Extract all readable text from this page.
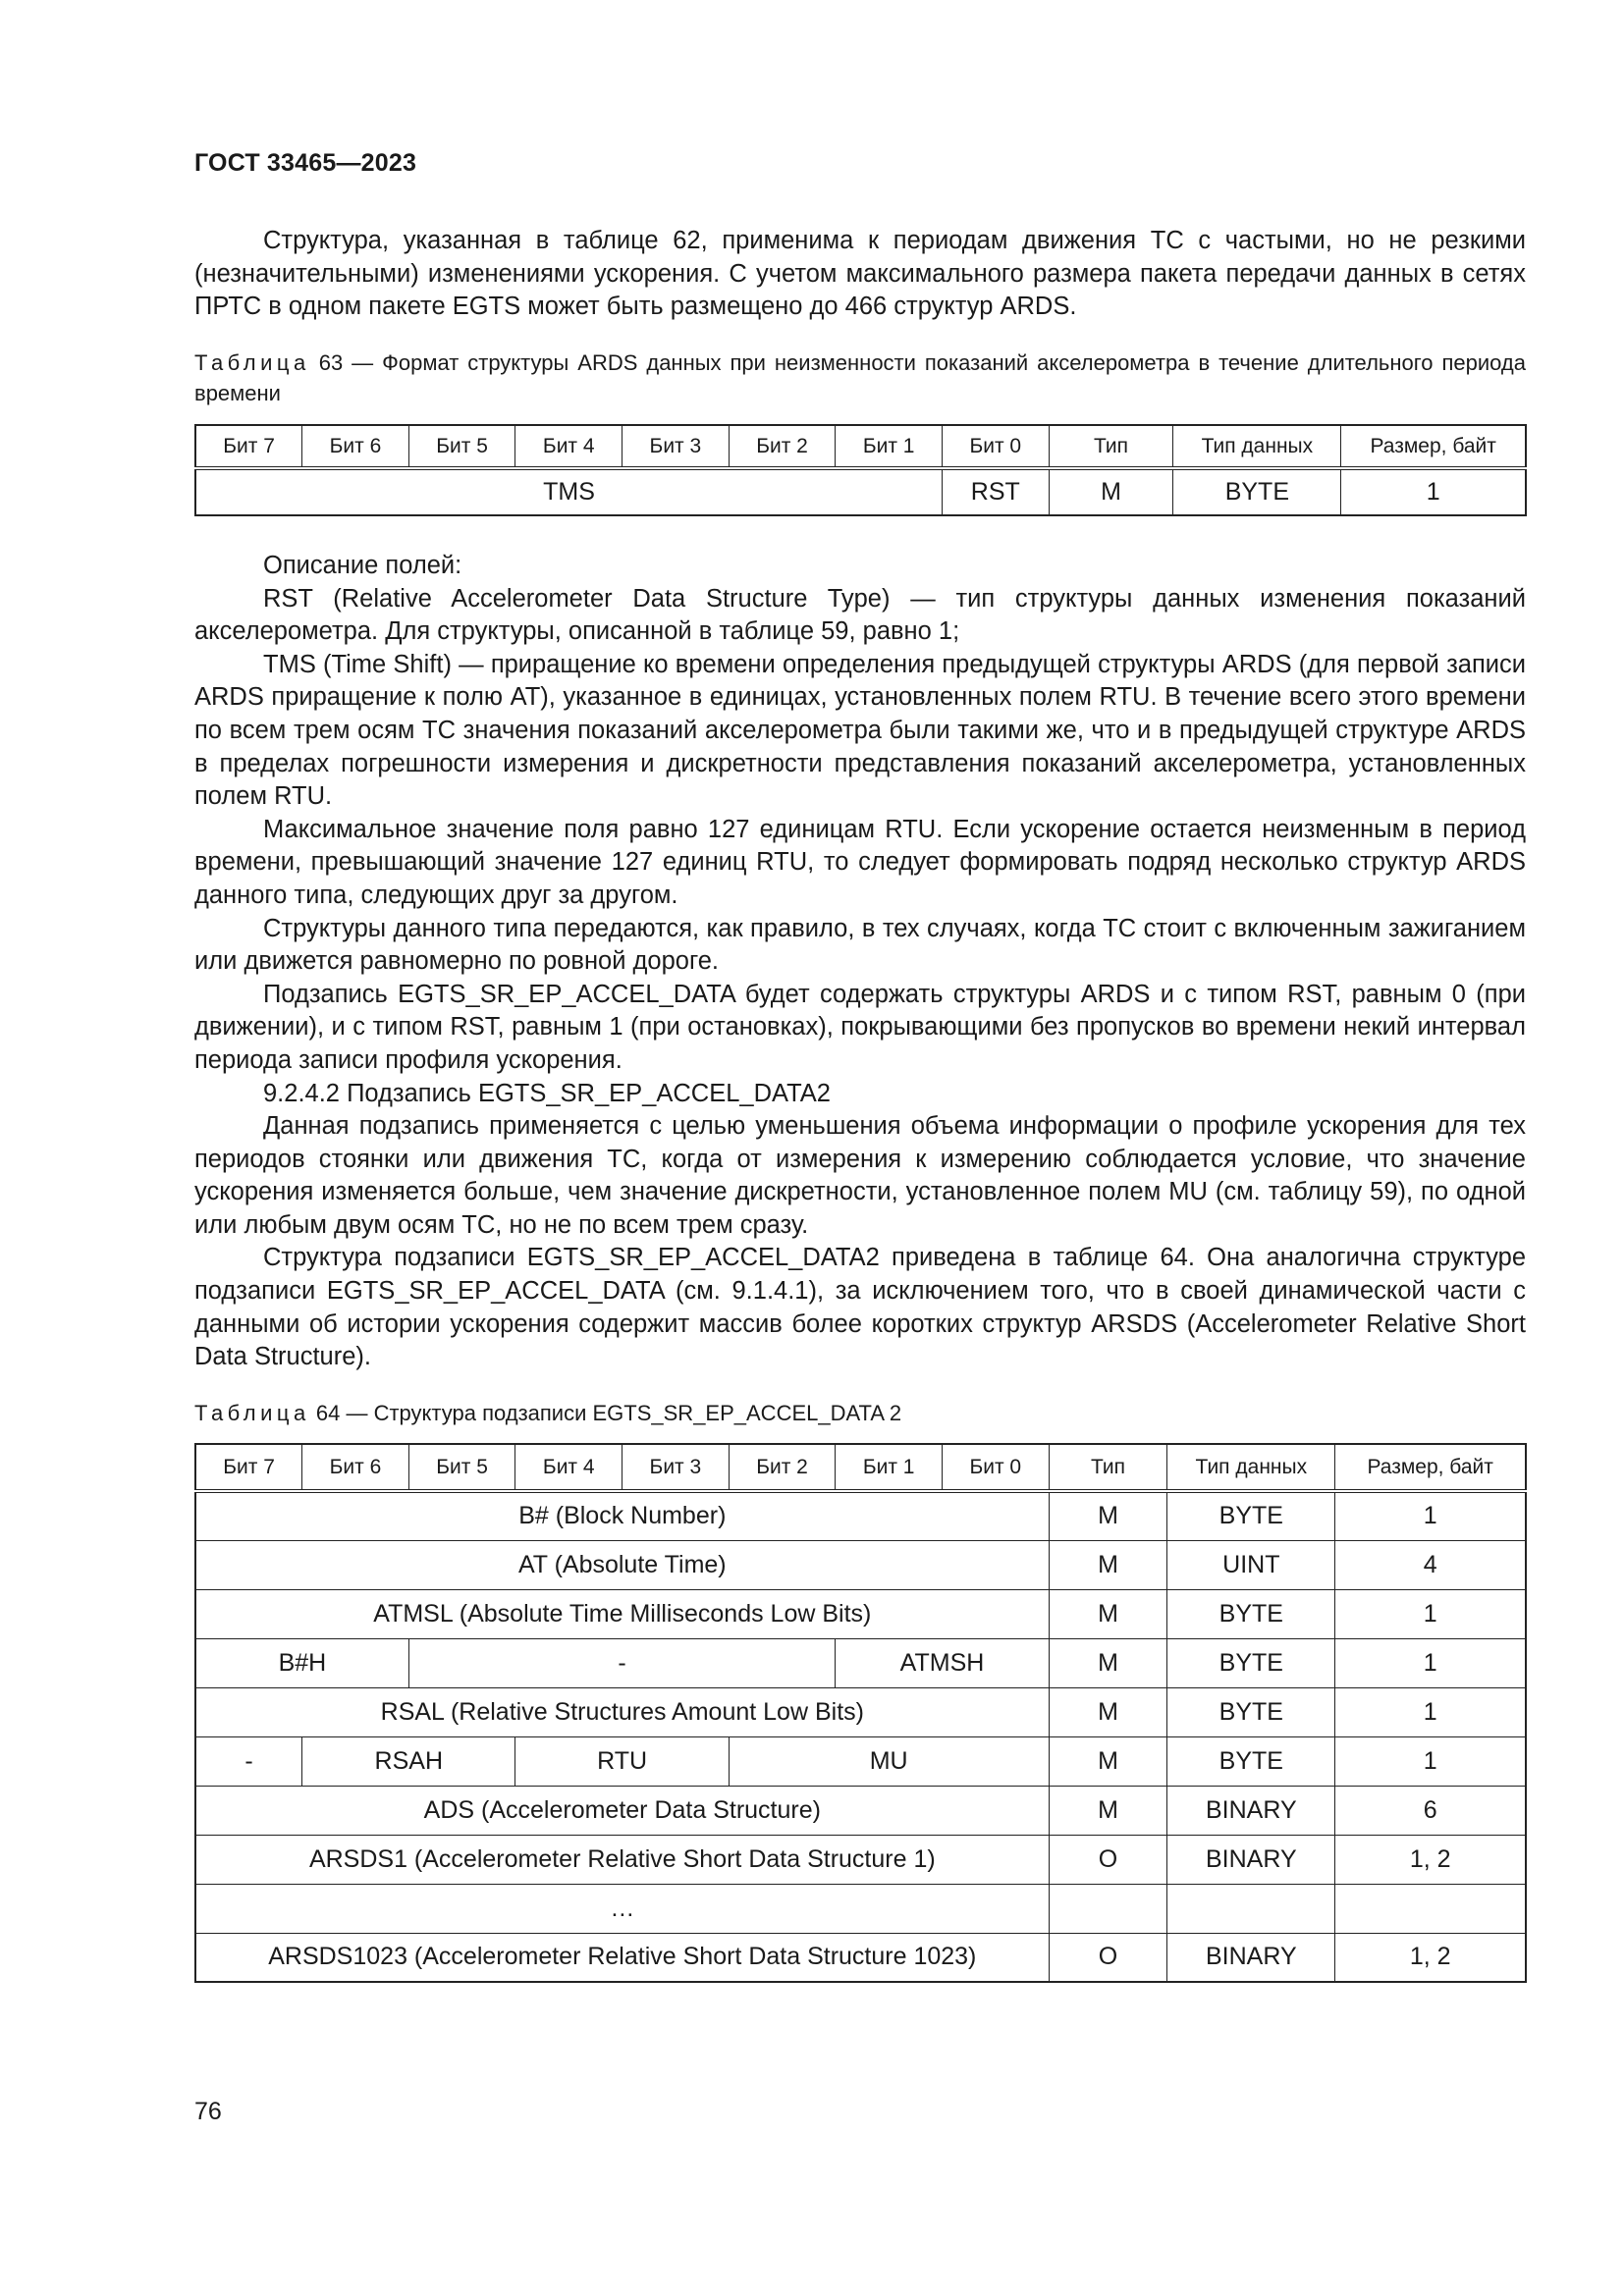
ГОСТ 33465—2023

Структура, указанная в таблице 62, применима к периодам движения ТС с частыми, но не резкими (незначительными) изменениями ускорения. С учетом максимального размера пакета передачи данных в сетях ПРТС в одном пакете EGTS может быть размещено до 466 структур ARDS.

Таблица 63 — Формат структуры ARDS данных при неизменности показаний акселерометра в течение длительного периода времени
Бит 7	Бит 6	Бит 5	Бит 4	Бит 3	Бит 2	Бит 1	Бит 0	Тип	Тип данных	Размер, байт
TMS							RST	M	BYTE	1

Описание полей:

RST (Relative Accelerometer Data Structure Type) — тип структуры данных изменения показаний акселерометра. Для структуры, описанной в таблице 59, равно 1;

TMS (Time Shift) — приращение ко времени определения предыдущей структуры ARDS (для первой записи ARDS приращение к полю AT), указанное в единицах, установленных полем RTU. В течение всего этого времени по всем трем осям ТС значения показаний акселерометра были такими же, что и в предыдущей структуре ARDS в пределах погрешности измерения и дискретности представления показаний акселерометра, установленных полем RTU.

Максимальное значение поля равно 127 единицам RTU. Если ускорение остается неизменным в период времени, превышающий значение 127 единиц RTU, то следует формировать подряд несколько структур ARDS данного типа, следующих друг за другом.

Структуры данного типа передаются, как правило, в тех случаях, когда ТС стоит с включенным зажиганием или движется равномерно по ровной дороге.

Подзапись EGTS_SR_EP_ACCEL_DATA будет содержать структуры ARDS и с типом RST, равным 0 (при движении), и с типом RST, равным 1 (при остановках), покрывающими без пропусков во времени некий интервал периода записи профиля ускорения.

9.2.4.2 Подзапись EGTS_SR_EP_ACCEL_DATA2

Данная подзапись применяется с целью уменьшения объема информации о профиле ускорения для тех периодов стоянки или движения ТС, когда от измерения к измерению соблюдается условие, что значение ускорения изменяется больше, чем значение дискретности, установленное полем MU (см. таблицу 59), по одной или любым двум осям ТС, но не по всем трем сразу.

Структура подзаписи EGTS_SR_EP_ACCEL_DATA2 приведена в таблице 64. Она аналогична структуре подзаписи EGTS_SR_EP_ACCEL_DATA (см. 9.1.4.1), за исключением того, что в своей динамической части с данными об истории ускорения содержит массив более коротких структур ARSDS (Accelerometer Relative Short Data Structure).

Таблица 64 — Структура подзаписи EGTS_SR_EP_ACCEL_DATA 2
Бит 7	Бит 6	Бит 5	Бит 4	Бит 3	Бит 2	Бит 1	Бит 0	Тип	Тип данных	Размер, байт
B# (Block Number)								M	BYTE	1
AT (Absolute Time)								M	UINT	4
ATMSL (Absolute Time Milliseconds Low Bits)								M	BYTE	1
B#H		-				ATMSH		M	BYTE	1
RSAL (Relative Structures Amount Low Bits)								M	BYTE	1
-	RSAH		RTU		MU			M	BYTE	1
ADS (Accelerometer Data Structure)								M	BINARY	6
ARSDS1 (Accelerometer Relative Short Data Structure 1)								O	BINARY	1, 2
…										
ARSDS1023 (Accelerometer Relative Short Data Structure 1023)								O	BINARY	1, 2
76
